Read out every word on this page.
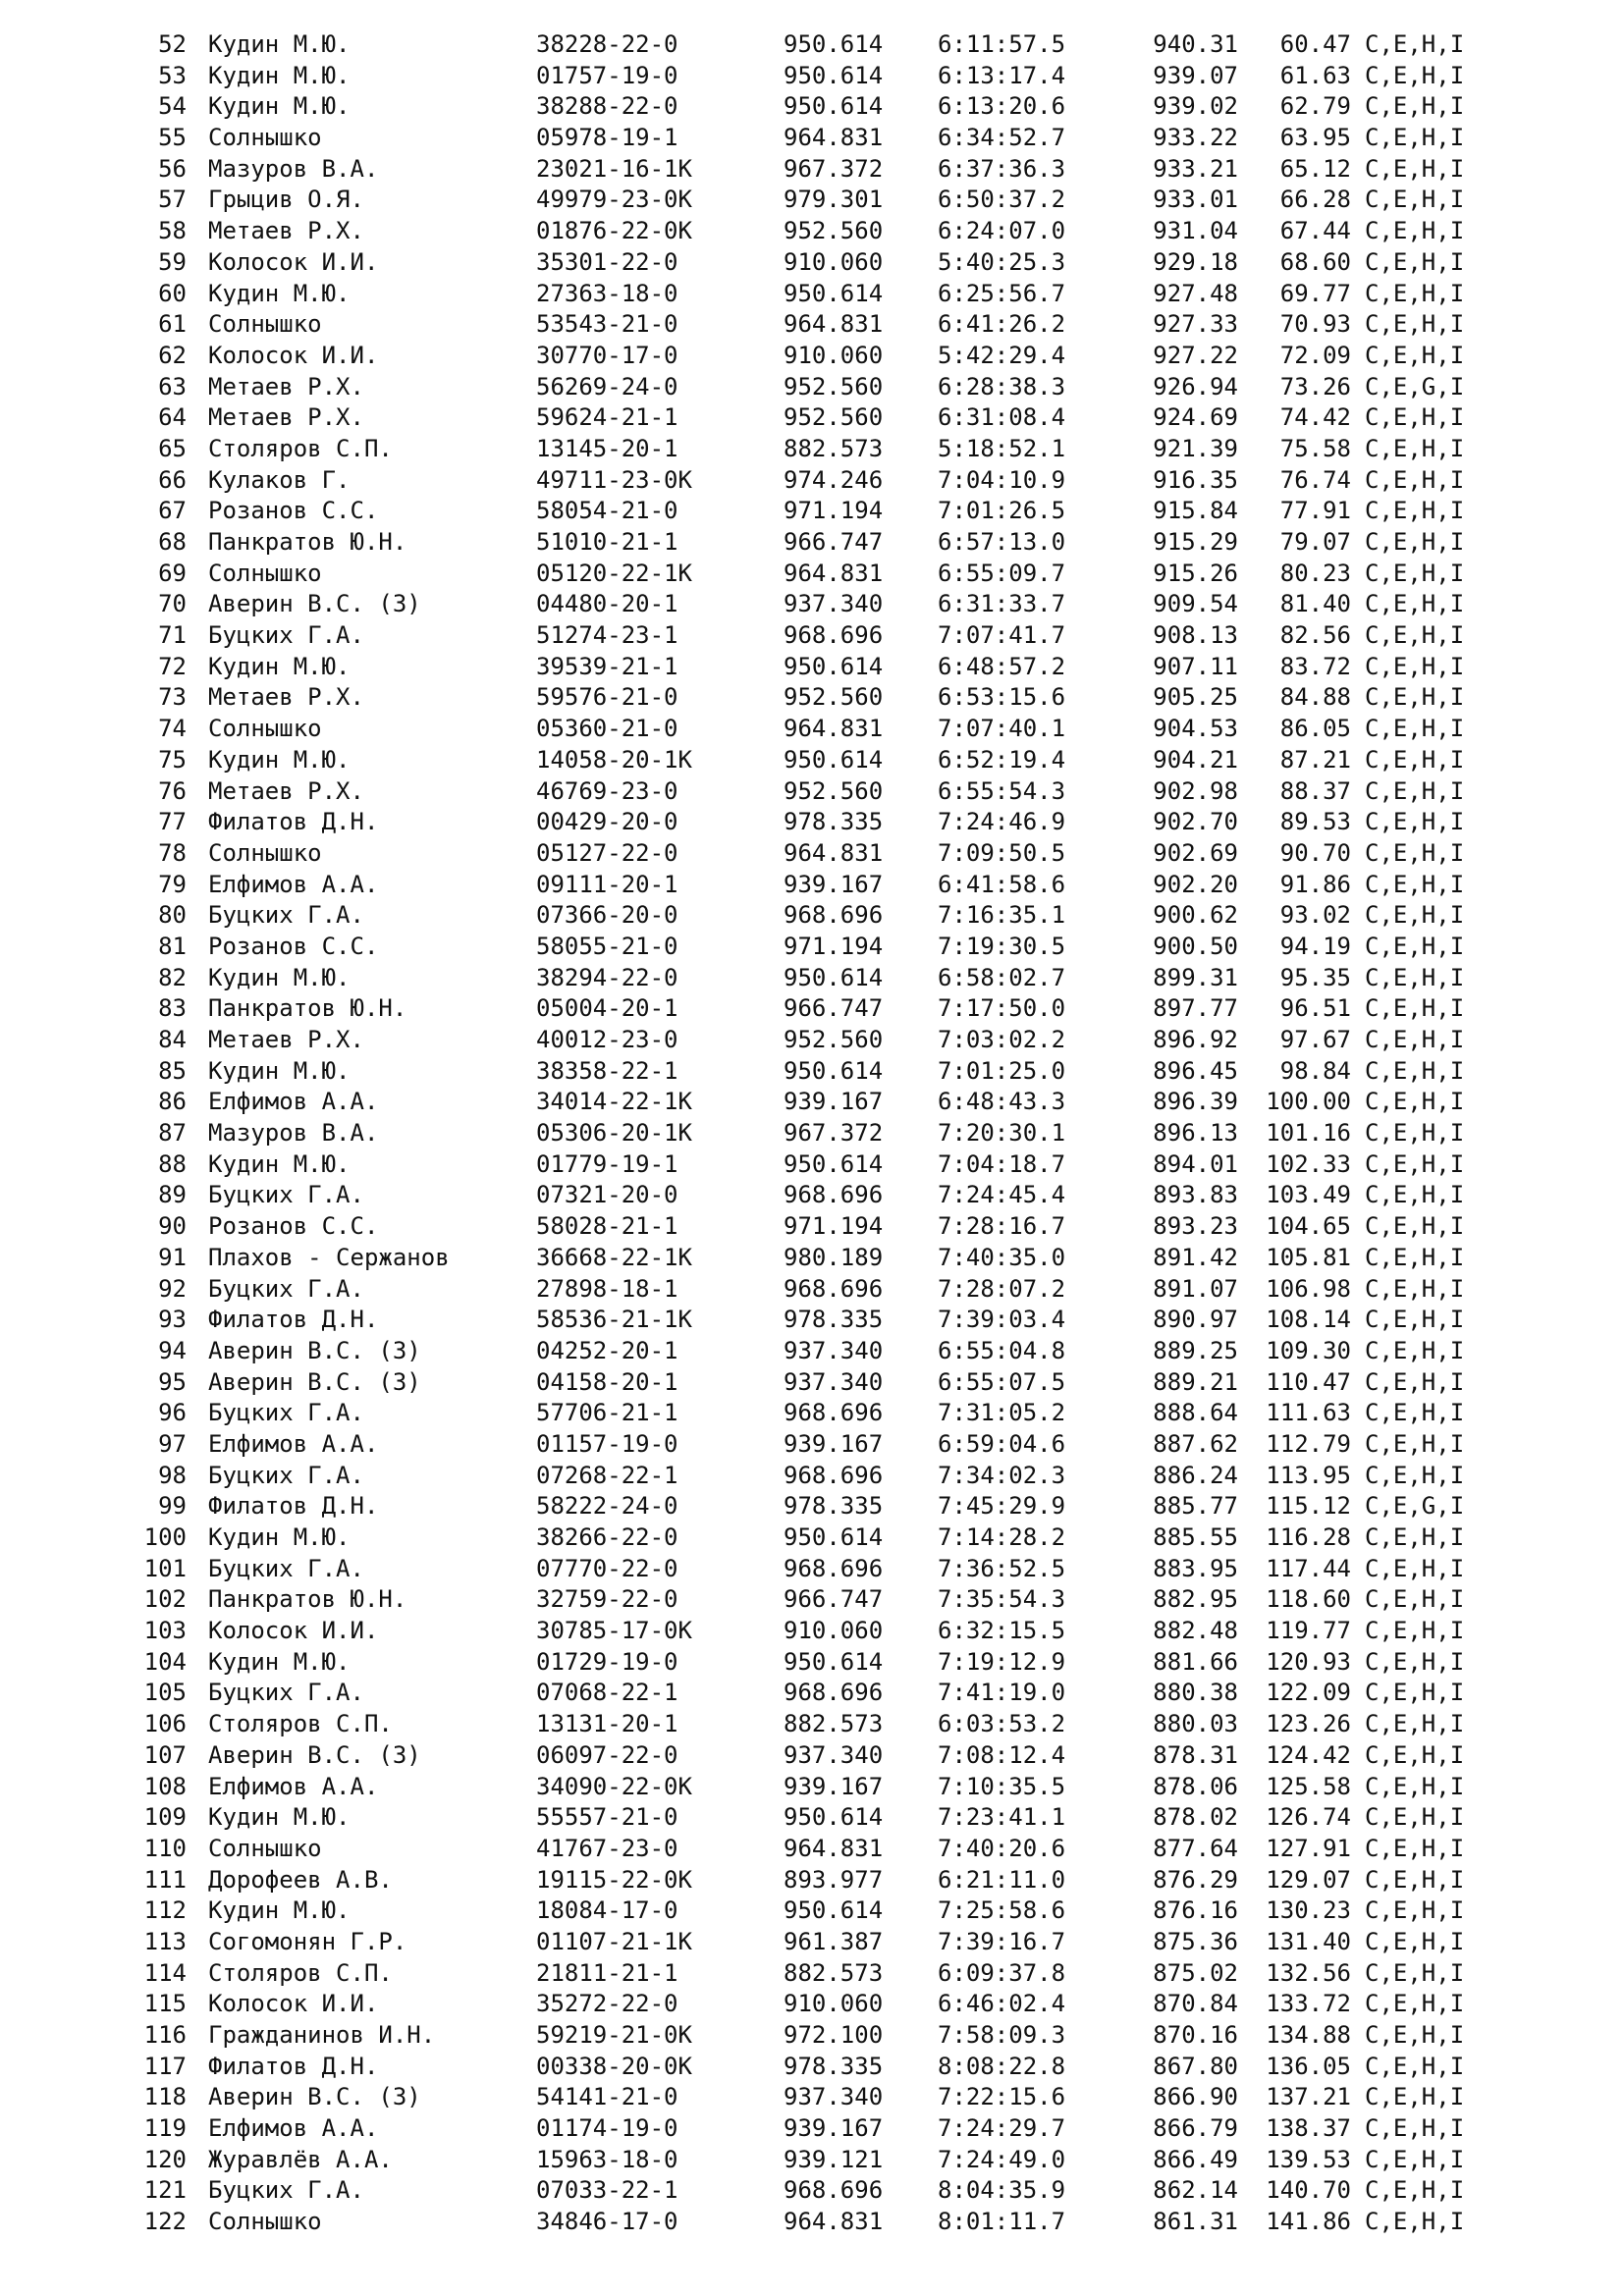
52 Кудин М.Ю.	38228-22-0	950.614 6:11:57.5	940.31	60.47 C,E,H,I
53 Кудин М.Ю.	01757-19-0	950.614 6:13:17.4	939.07	61.63 C,E,H,I
54 Кудин М.Ю.	38288-22-0	950.614 6:13:20.6	939.02	62.79 C,E,H,I
55 Солнышко	05978-19-1	964.831 6:34:52.7	933.22	63.95 C,E,H,I
56 Мазуров В.А.	23021-16-1К	967.372 6:37:36.3	933.21	65.12 C,E,H,I
57 Грыцив О.Я.	49979-23-0К	979.301 6:50:37.2	933.01	66.28 C,E,H,I
58 Метаев Р.Х.	01876-22-0К	952.560 6:24:07.0	931.04	67.44 C,E,H,I
59 Колосок И.И.	35301-22-0	910.060 5:40:25.3	929.18	68.60 C,E,H,I
60 Кудин М.Ю.	27363-18-0	950.614 6:25:56.7	927.48	69.77 C,E,H,I
61 Солнышко	53543-21-0	964.831 6:41:26.2	927.33	70.93 C,E,H,I
62 Колосок И.И.	30770-17-0	910.060 5:42:29.4	927.22	72.09 C,E,H,I
63 Метаев Р.Х.	56269-24-0	952.560 6:28:38.3	926.94	73.26 C,E,G,I
64 Метаев Р.Х.	59624-21-1	952.560 6:31:08.4	924.69	74.42 C,E,H,I
65 Столяров С.П.	13145-20-1	882.573 5:18:52.1	921.39	75.58 C,E,H,I
66 Кулаков Г.	49711-23-0К	974.246 7:04:10.9	916.35	76.74 C,E,H,I
67 Розанов С.С.	58054-21-0	971.194 7:01:26.5	915.84	77.91 C,E,H,I
68 Панкратов Ю.Н.	51010-21-1	966.747 6:57:13.0	915.29	79.07 C,E,H,I
69 Солнышко	05120-22-1К	964.831 6:55:09.7	915.26	80.23 C,E,H,I
70 Аверин В.С. (З)	04480-20-1	937.340 6:31:33.7	909.54	81.40 C,E,H,I
71 Буцких Г.А.	51274-23-1	968.696 7:07:41.7	908.13	82.56 C,E,H,I
72 Кудин М.Ю.	39539-21-1	950.614 6:48:57.2	907.11	83.72 C,E,H,I
73 Метаев Р.Х.	59576-21-0	952.560 6:53:15.6	905.25	84.88 C,E,H,I
74 Солнышко	05360-21-0	964.831 7:07:40.1	904.53	86.05 C,E,H,I
75 Кудин М.Ю.	14058-20-1К	950.614 6:52:19.4	904.21	87.21 C,E,H,I
76 Метаев Р.Х.	46769-23-0	952.560 6:55:54.3	902.98	88.37 C,E,H,I
77 Филатов Д.Н.	00429-20-0	978.335 7:24:46.9	902.70	89.53 C,E,H,I
78 Солнышко	05127-22-0	964.831 7:09:50.5	902.69	90.70 C,E,H,I
79 Елфимов А.А.	09111-20-1	939.167 6:41:58.6	902.20	91.86 C,E,H,I
80 Буцких Г.А.	07366-20-0	968.696 7:16:35.1	900.62	93.02 C,E,H,I
81 Розанов С.С.	58055-21-0	971.194 7:19:30.5	900.50	94.19 C,E,H,I
82 Кудин М.Ю.	38294-22-0	950.614 6:58:02.7	899.31	95.35 C,E,H,I
83 Панкратов Ю.Н.	05004-20-1	966.747 7:17:50.0	897.77	96.51 C,E,H,I
84 Метаев Р.Х.	40012-23-0	952.560 7:03:02.2	896.92	97.67 C,E,H,I
85 Кудин М.Ю.	38358-22-1	950.614 7:01:25.0	896.45	98.84 C,E,H,I
86 Елфимов А.А.	34014-22-1К	939.167 6:48:43.3	896.39	100.00 C,E,H,I
87 Мазуров В.А.	05306-20-1К	967.372 7:20:30.1	896.13	101.16 C,E,H,I
88 Кудин М.Ю.	01779-19-1	950.614 7:04:18.7	894.01	102.33 C,E,H,I
89 Буцких Г.А.	07321-20-0	968.696 7:24:45.4	893.83	103.49 C,E,H,I
90 Розанов С.С.	58028-21-1	971.194 7:28:16.7	893.23	104.65 C,E,H,I
91 Плахов - Сержанов	36668-22-1К	980.189 7:40:35.0	891.42	105.81 C,E,H,I
92 Буцких Г.А.	27898-18-1	968.696 7:28:07.2	891.07	106.98 C,E,H,I
93 Филатов Д.Н.	58536-21-1К	978.335 7:39:03.4	890.97	108.14 C,E,H,I
94 Аверин В.С. (З)	04252-20-1	937.340 6:55:04.8	889.25	109.30 C,E,H,I
95 Аверин В.С. (З)	04158-20-1	937.340 6:55:07.5	889.21	110.47 C,E,H,I
96 Буцких Г.А.	57706-21-1	968.696 7:31:05.2	888.64	111.63 C,E,H,I
97 Елфимов А.А.	01157-19-0	939.167 6:59:04.6	887.62	112.79 C,E,H,I
98 Буцких Г.А.	07268-22-1	968.696 7:34:02.3	886.24	113.95 C,E,H,I
99 Филатов Д.Н.	58222-24-0	978.335 7:45:29.9	885.77	115.12 C,E,G,I
100 Кудин М.Ю.	38266-22-0	950.614 7:14:28.2	885.55	116.28 C,E,H,I
101 Буцких Г.А.	07770-22-0	968.696 7:36:52.5	883.95	117.44 C,E,H,I
102 Панкратов Ю.Н.	32759-22-0	966.747 7:35:54.3	882.95	118.60 C,E,H,I
103 Колосок И.И.	30785-17-0К	910.060 6:32:15.5	882.48	119.77 C,E,H,I
104 Кудин М.Ю.	01729-19-0	950.614 7:19:12.9	881.66	120.93 C,E,H,I
105 Буцких Г.А.	07068-22-1	968.696 7:41:19.0	880.38	122.09 C,E,H,I
106 Столяров С.П.	13131-20-1	882.573 6:03:53.2	880.03	123.26 C,E,H,I
107 Аверин В.С. (З)	06097-22-0	937.340 7:08:12.4	878.31	124.42 C,E,H,I
108 Елфимов А.А.	34090-22-0К	939.167 7:10:35.5	878.06	125.58 C,E,H,I
109 Кудин М.Ю.	55557-21-0	950.614 7:23:41.1	878.02	126.74 C,E,H,I
110 Солнышко	41767-23-0	964.831 7:40:20.6	877.64	127.91 C,E,H,I
111 Дорофеев А.В.	19115-22-0К	893.977 6:21:11.0	876.29	129.07 C,E,H,I
112 Кудин М.Ю.	18084-17-0	950.614 7:25:58.6	876.16	130.23 C,E,H,I
113 Согомонян Г.Р.	01107-21-1К	961.387 7:39:16.7	875.36	131.40 C,E,H,I
114 Столяров С.П.	21811-21-1	882.573 6:09:37.8	875.02	132.56 C,E,H,I
115 Колосок И.И.	35272-22-0	910.060 6:46:02.4	870.84	133.72 C,E,H,I
116 Гражданинов И.Н.	59219-21-0К	972.100 7:58:09.3	870.16	134.88 C,E,H,I
117 Филатов Д.Н.	00338-20-0К	978.335 8:08:22.8	867.80	136.05 C,E,H,I
118 Аверин В.С. (З)	54141-21-0	937.340 7:22:15.6	866.90	137.21 C,E,H,I
119 Елфимов А.А.	01174-19-0	939.167 7:24:29.7	866.79	138.37 C,E,H,I
120 Журавлёв А.А.	15963-18-0	939.121 7:24:49.0	866.49	139.53 C,E,H,I
121 Буцких Г.А.	07033-22-1	968.696 8:04:35.9	862.14	140.70 C,E,H,I
122 Солнышко	34846-17-0	964.831 8:01:11.7	861.31	141.86 C,E,H,I
